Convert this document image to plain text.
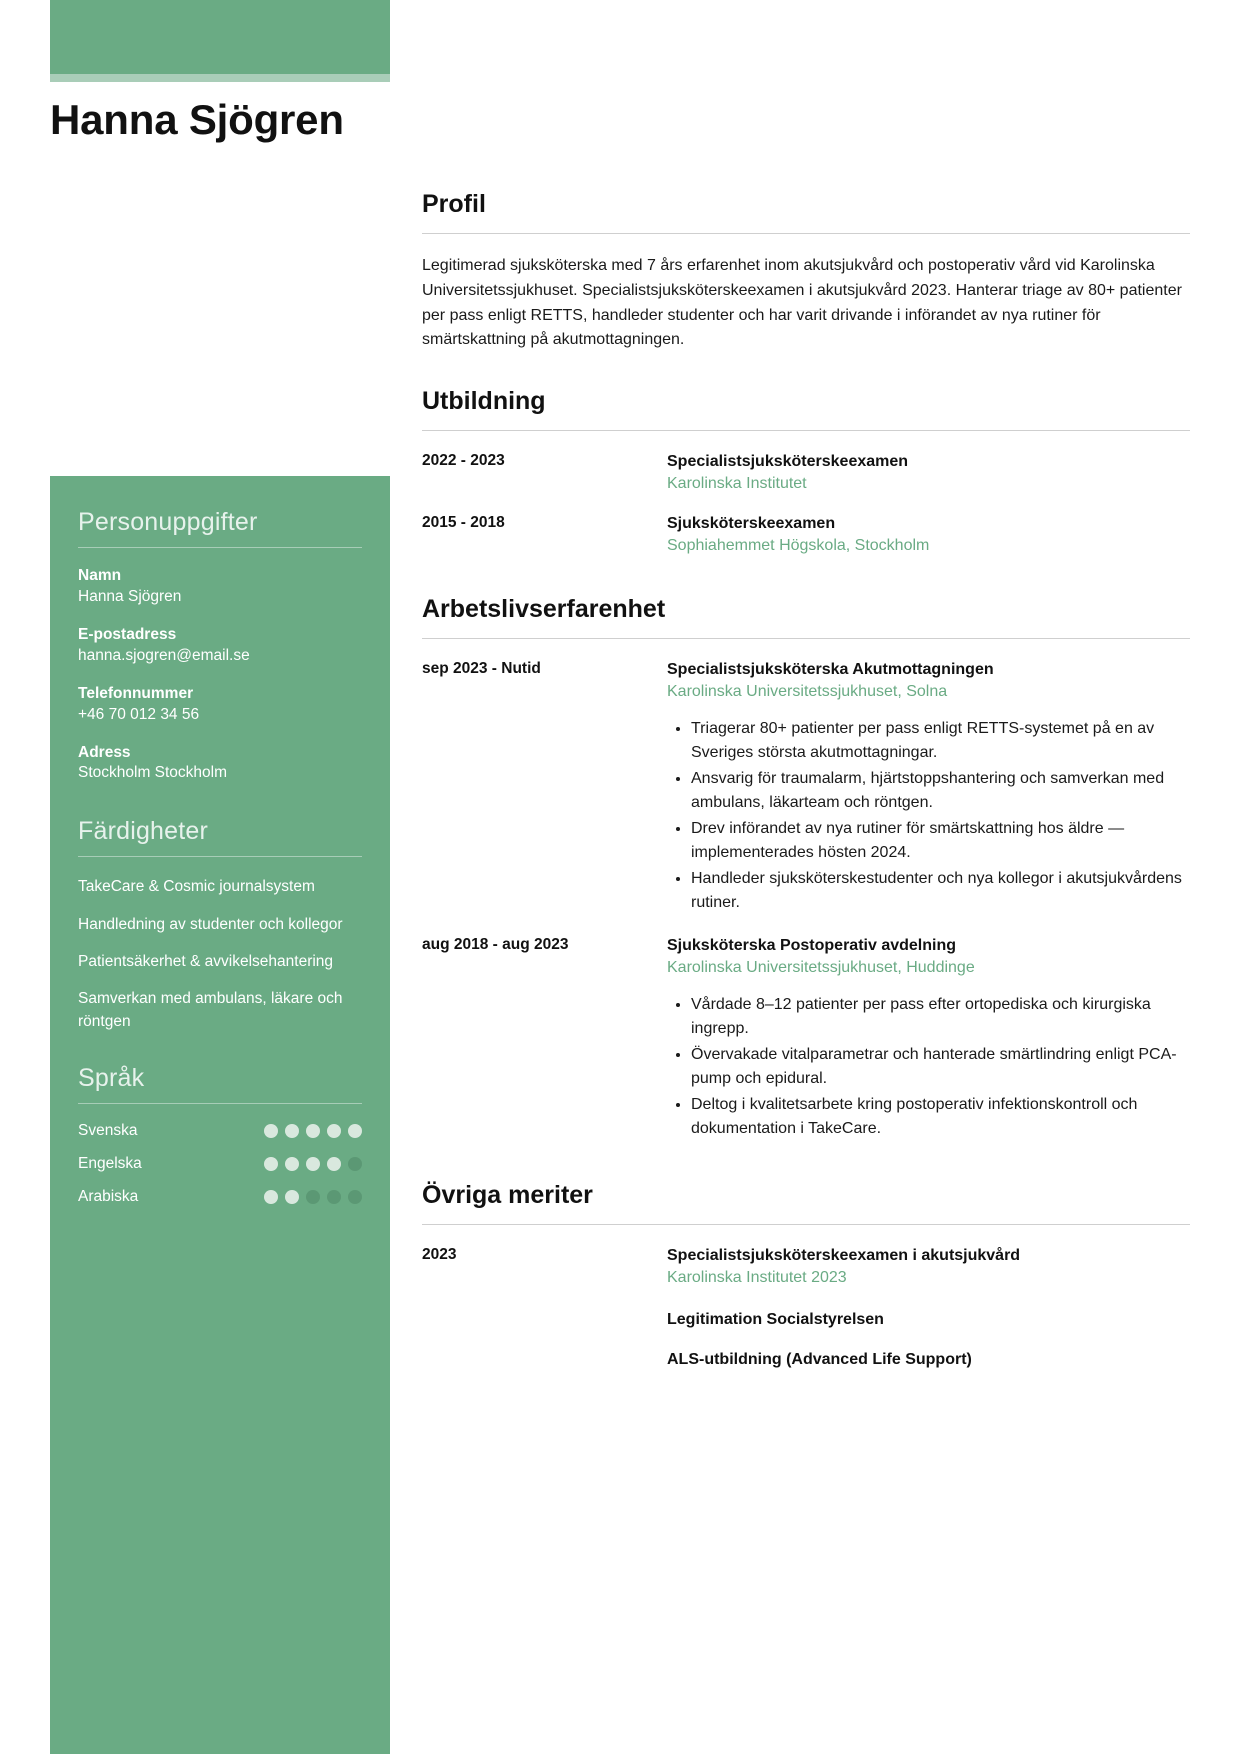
Hanna Sjögren
Personuppgifter
Namn
Hanna Sjögren
E-postadress
hanna.sjogren@email.se
Telefonnummer
+46 70 012 34 56
Adress
Stockholm Stockholm
Färdigheter
TakeCare & Cosmic journalsystem
Handledning av studenter och kollegor
Patientsäkerhet & avvikelsehantering
Samverkan med ambulans, läkare och röntgen
Språk
Svenska
Engelska
Arabiska
Profil

Legitimerad sjuksköterska med 7 års erfarenhet inom akutsjukvård och postoperativ vård vid Karolinska Universitetssjukhuset. Specialistsjuksköterskeexamen i akutsjukvård 2023. Hanterar triage av 80+ patienter per pass enligt RETTS, handleder studenter och har varit drivande i införandet av nya rutiner för smärtskattning på akutmottagningen.

Utbildning
2022 - 2023	Specialistsjuksköterskeexamen
Karolinska Institutet
2015 - 2018	Sjuksköterskeexamen
Sophiahemmet Högskola, Stockholm
Arbetslivserfarenhet
sep 2023 - Nutid	Specialistsjuksköterska Akutmottagningen
Karolinska Universitetssjukhuset, Solna
• Triagerar 80+ patienter per pass enligt RETTS-systemet på en av Sveriges största akutmottagningar.
• Ansvarig för traumalarm, hjärtstoppshantering och samverkan med ambulans, läkarteam och röntgen.
• Drev införandet av nya rutiner för smärtskattning hos äldre — implementerades hösten 2024.
• Handleder sjuksköterskestudenter och nya kollegor i akutsjukvårdens rutiner.
aug 2018 - aug 2023	Sjuksköterska Postoperativ avdelning
Karolinska Universitetssjukhuset, Huddinge
• Vårdade 8–12 patienter per pass efter ortopediska och kirurgiska ingrepp.
• Övervakade vitalparametrar och hanterade smärtlindring enligt PCA-pump och epidural.
• Deltog i kvalitetsarbete kring postoperativ infektionskontroll och dokumentation i TakeCare.
Övriga meriter
2023	Specialistsjuksköterskeexamen i akutsjukvård
Karolinska Institutet 2023
Legitimation Socialstyrelsen
ALS-utbildning (Advanced Life Support)
